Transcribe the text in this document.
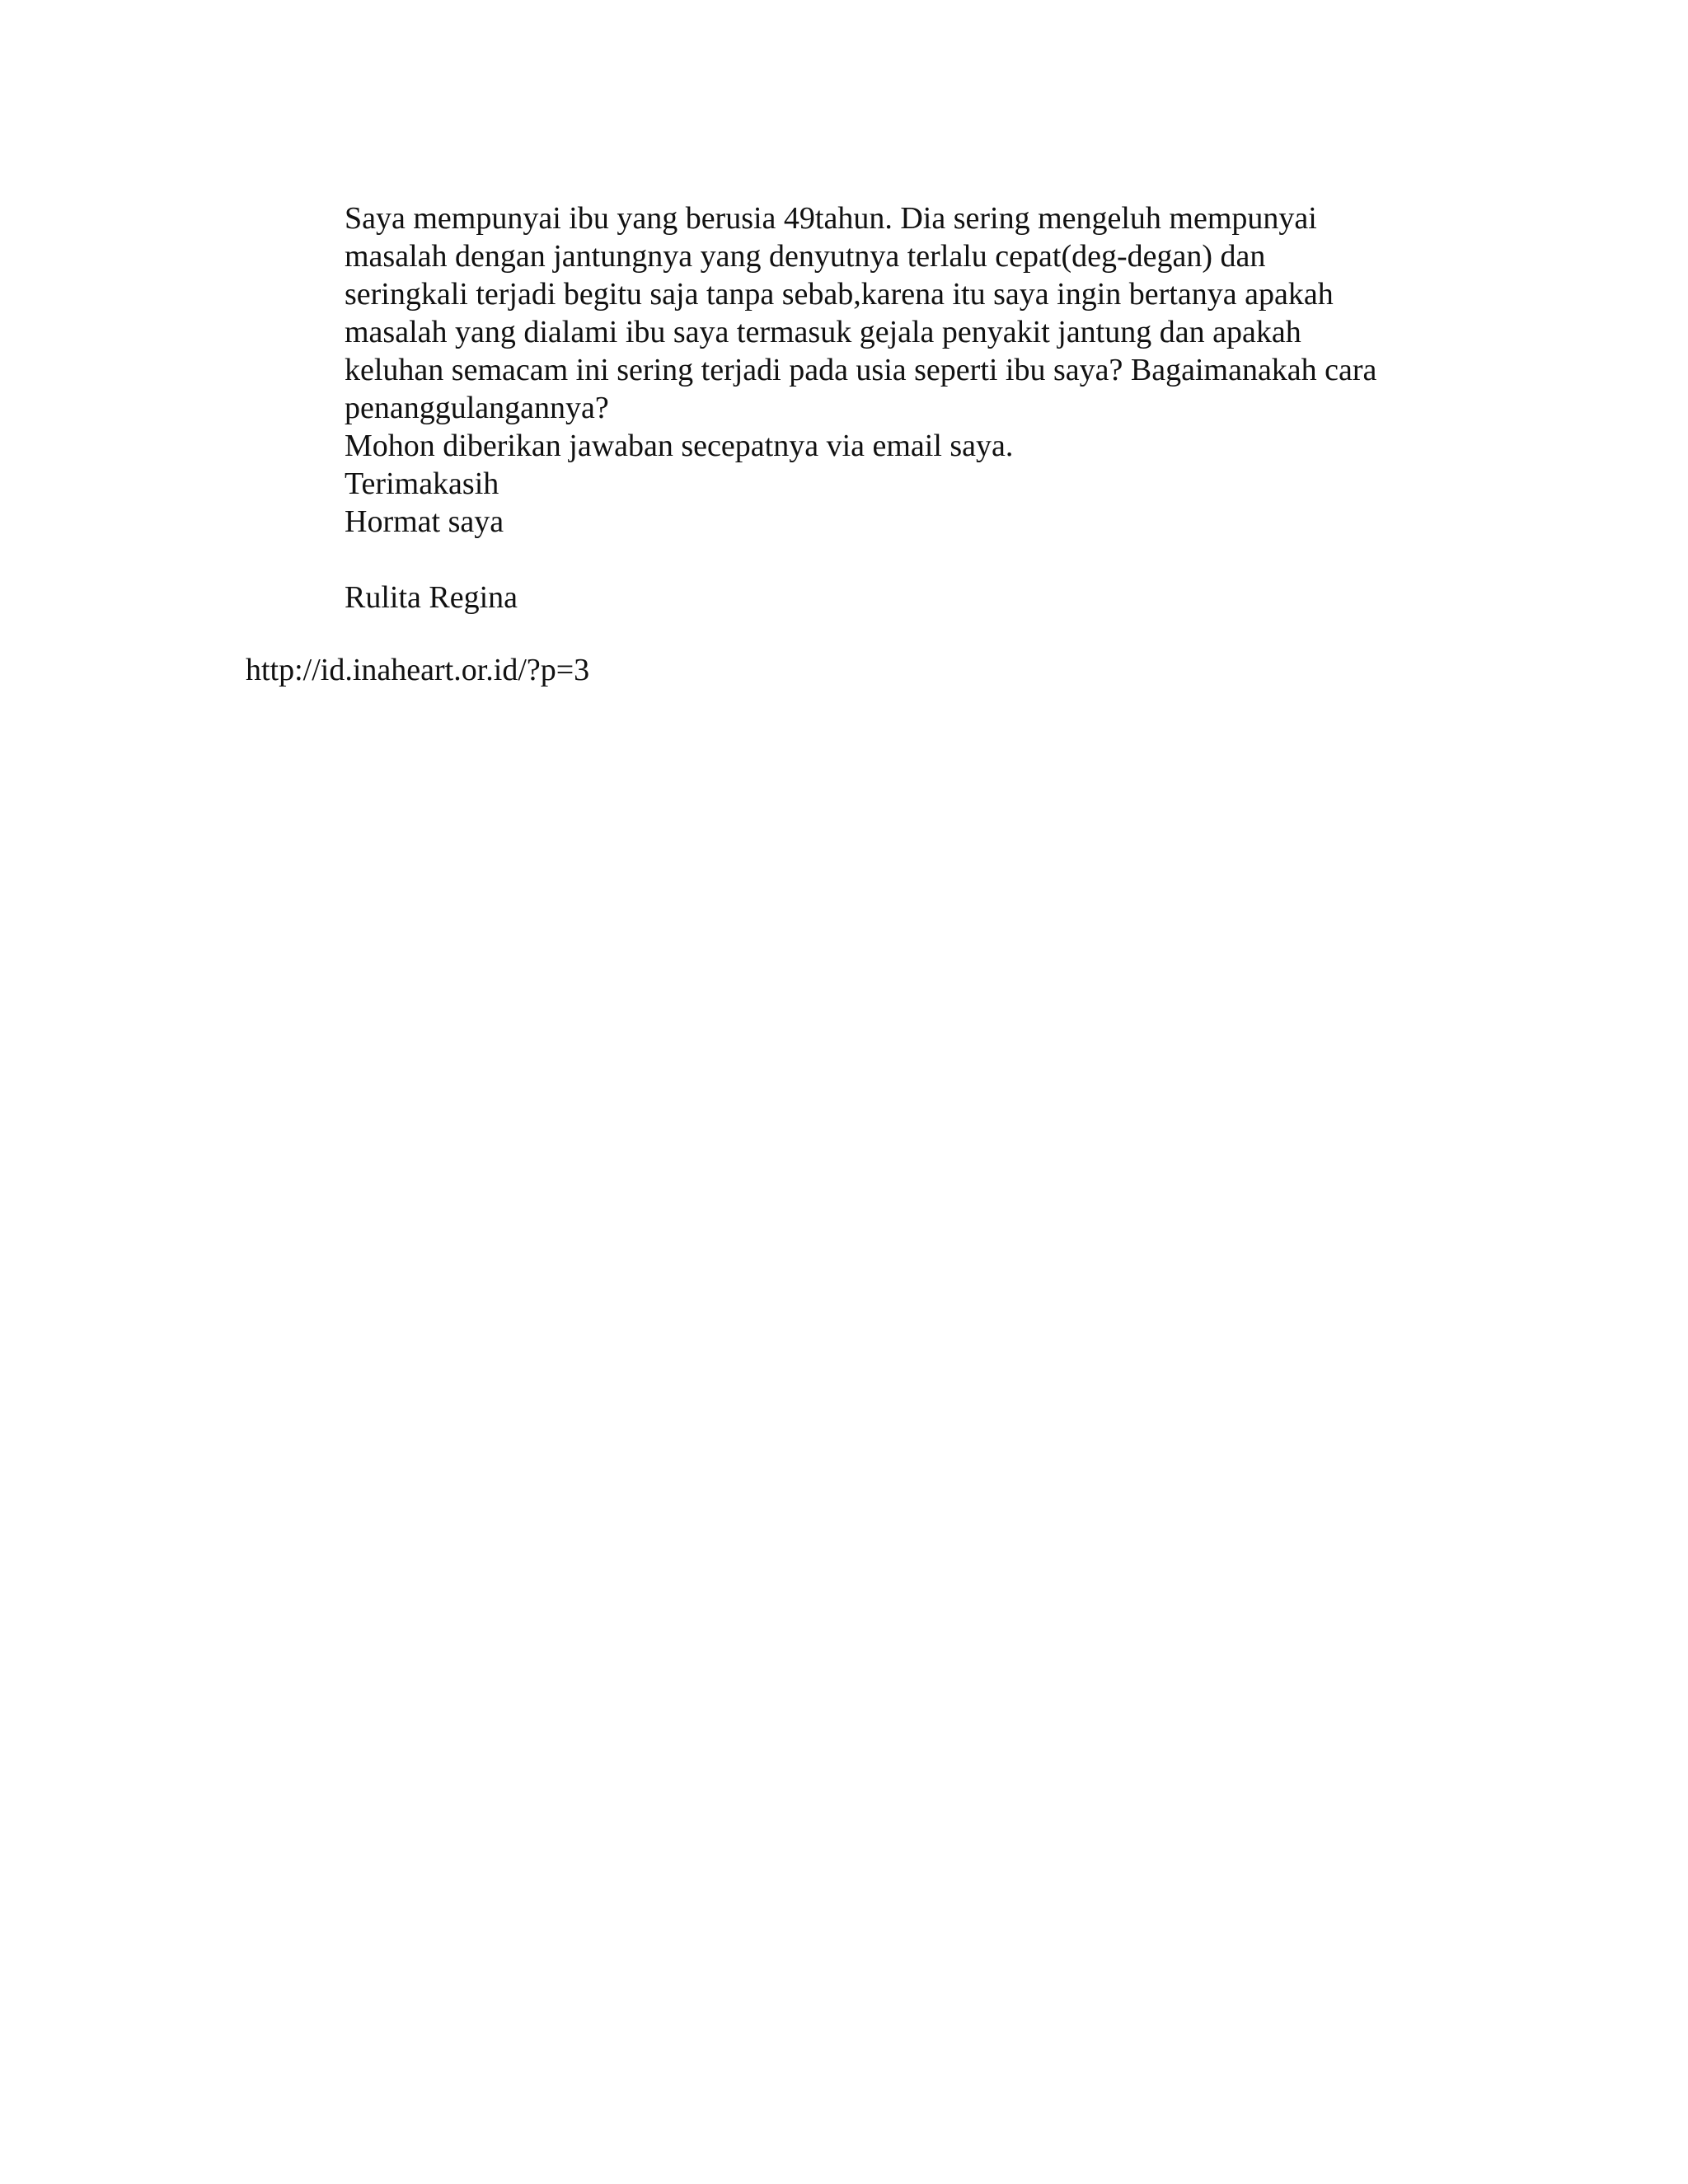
Saya mempunyai ibu yang berusia 49tahun. Dia sering mengeluh mempunyai
masalah dengan jantungnya yang denyutnya terlalu cepat(deg-degan) dan
seringkali terjadi begitu saja tanpa sebab,karena itu saya ingin bertanya apakah
masalah yang dialami ibu saya termasuk gejala penyakit jantung dan apakah
keluhan semacam ini sering terjadi pada usia seperti ibu saya? Bagaimanakah cara
penanggulangannya?
Mohon diberikan jawaban secepatnya via email saya.
Terimakasih
Hormat saya
Rulita Regina
http://id.inaheart.or.id/?p=3
